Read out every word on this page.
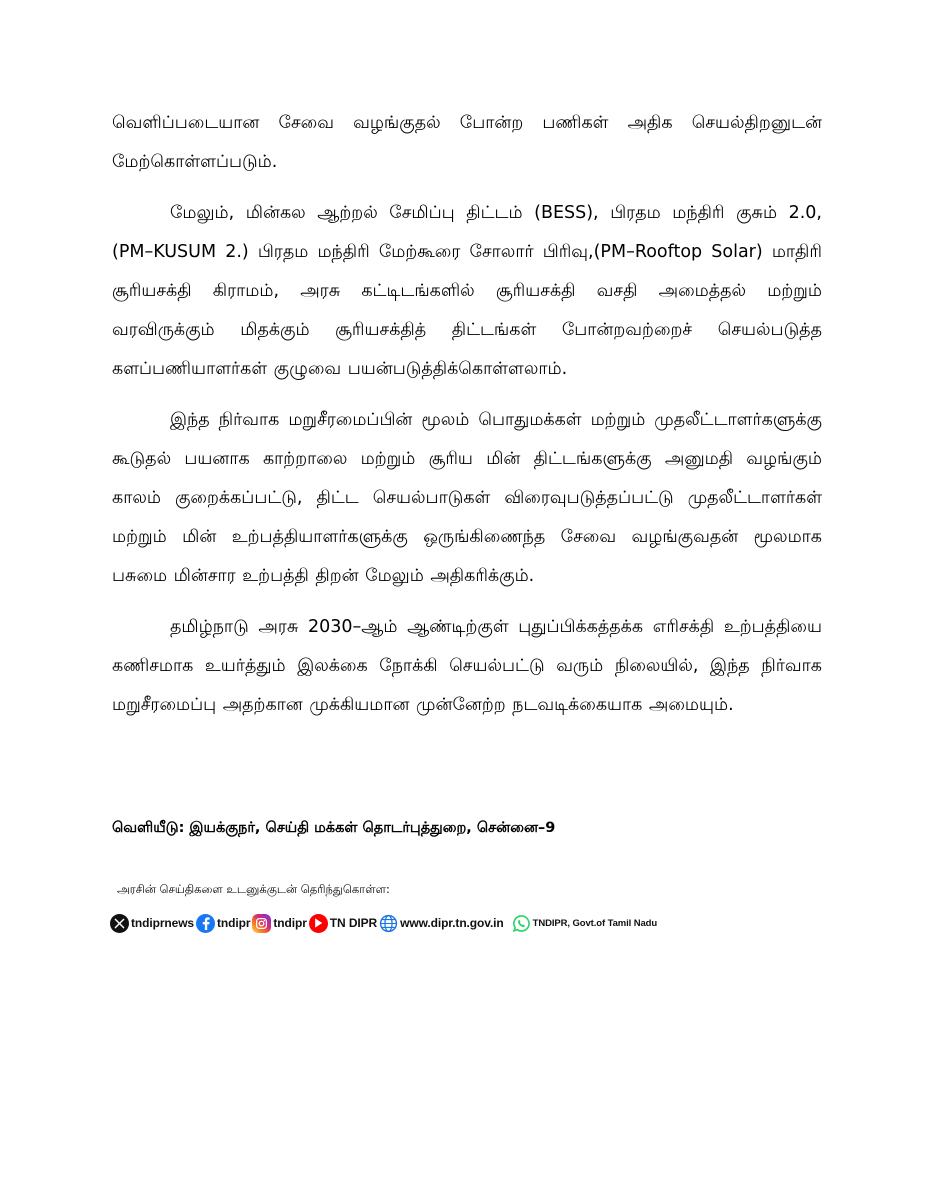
வெளிப்படையான சேவை வழங்குதல் போன்ற பணிகள் அதிக செயல்திறனுடன் மேற்கொள்ளப்படும்.

மேலும், மின்கல ஆற்றல் சேமிப்பு திட்டம் (BESS), பிரதம மந்திரி குசும் 2.0, (PM–KUSUM 2.) பிரதம மந்திரி மேற்கூரை சோலார் பிரிவு,(PM–Rooftop Solar) மாதிரி சூரியசக்தி கிராமம், அரசு கட்டிடங்களில் சூரியசக்தி வசதி அமைத்தல் மற்றும் வரவிருக்கும் மிதக்கும் சூரியசக்தித் திட்டங்கள் போன்றவற்றைச் செயல்படுத்த களப்பணியாளர்கள் குழுவை பயன்படுத்திக்கொள்ளலாம்.

இந்த நிர்வாக மறுசீரமைப்பின் மூலம் பொதுமக்கள் மற்றும் முதலீட்டாளர்களுக்கு கூடுதல் பயனாக காற்றாலை மற்றும் சூரிய மின் திட்டங்களுக்கு அனுமதி வழங்கும் காலம் குறைக்கப்பட்டு, திட்ட செயல்பாடுகள் விரைவுபடுத்தப்பட்டு முதலீட்டாளர்கள் மற்றும் மின் உற்பத்தியாளர்களுக்கு ஒருங்கிணைந்த சேவை வழங்குவதன் மூலமாக பசுமை மின்சார உற்பத்தி திறன் மேலும் அதிகரிக்கும்.

தமிழ்நாடு அரசு 2030–ஆம் ஆண்டிற்குள் புதுப்பிக்கத்தக்க எரிசக்தி உற்பத்தியை கணிசமாக உயர்த்தும் இலக்கை நோக்கி செயல்பட்டு வரும் நிலையில், இந்த நிர்வாக மறுசீரமைப்பு அதற்கான முக்கியமான முன்னேற்ற நடவடிக்கையாக அமையும்.

வெளியீடு: இயக்குநர், செய்தி மக்கள் தொடர்புத்துறை, சென்னை–9
அரசின் செய்திகளை உடனுக்குடன் தெரிந்துகொள்ள:
tndiprnews tndipr tndipr TN DIPR www.dipr.tn.gov.in	TNDIPR, Govt.of Tamil Nadu
